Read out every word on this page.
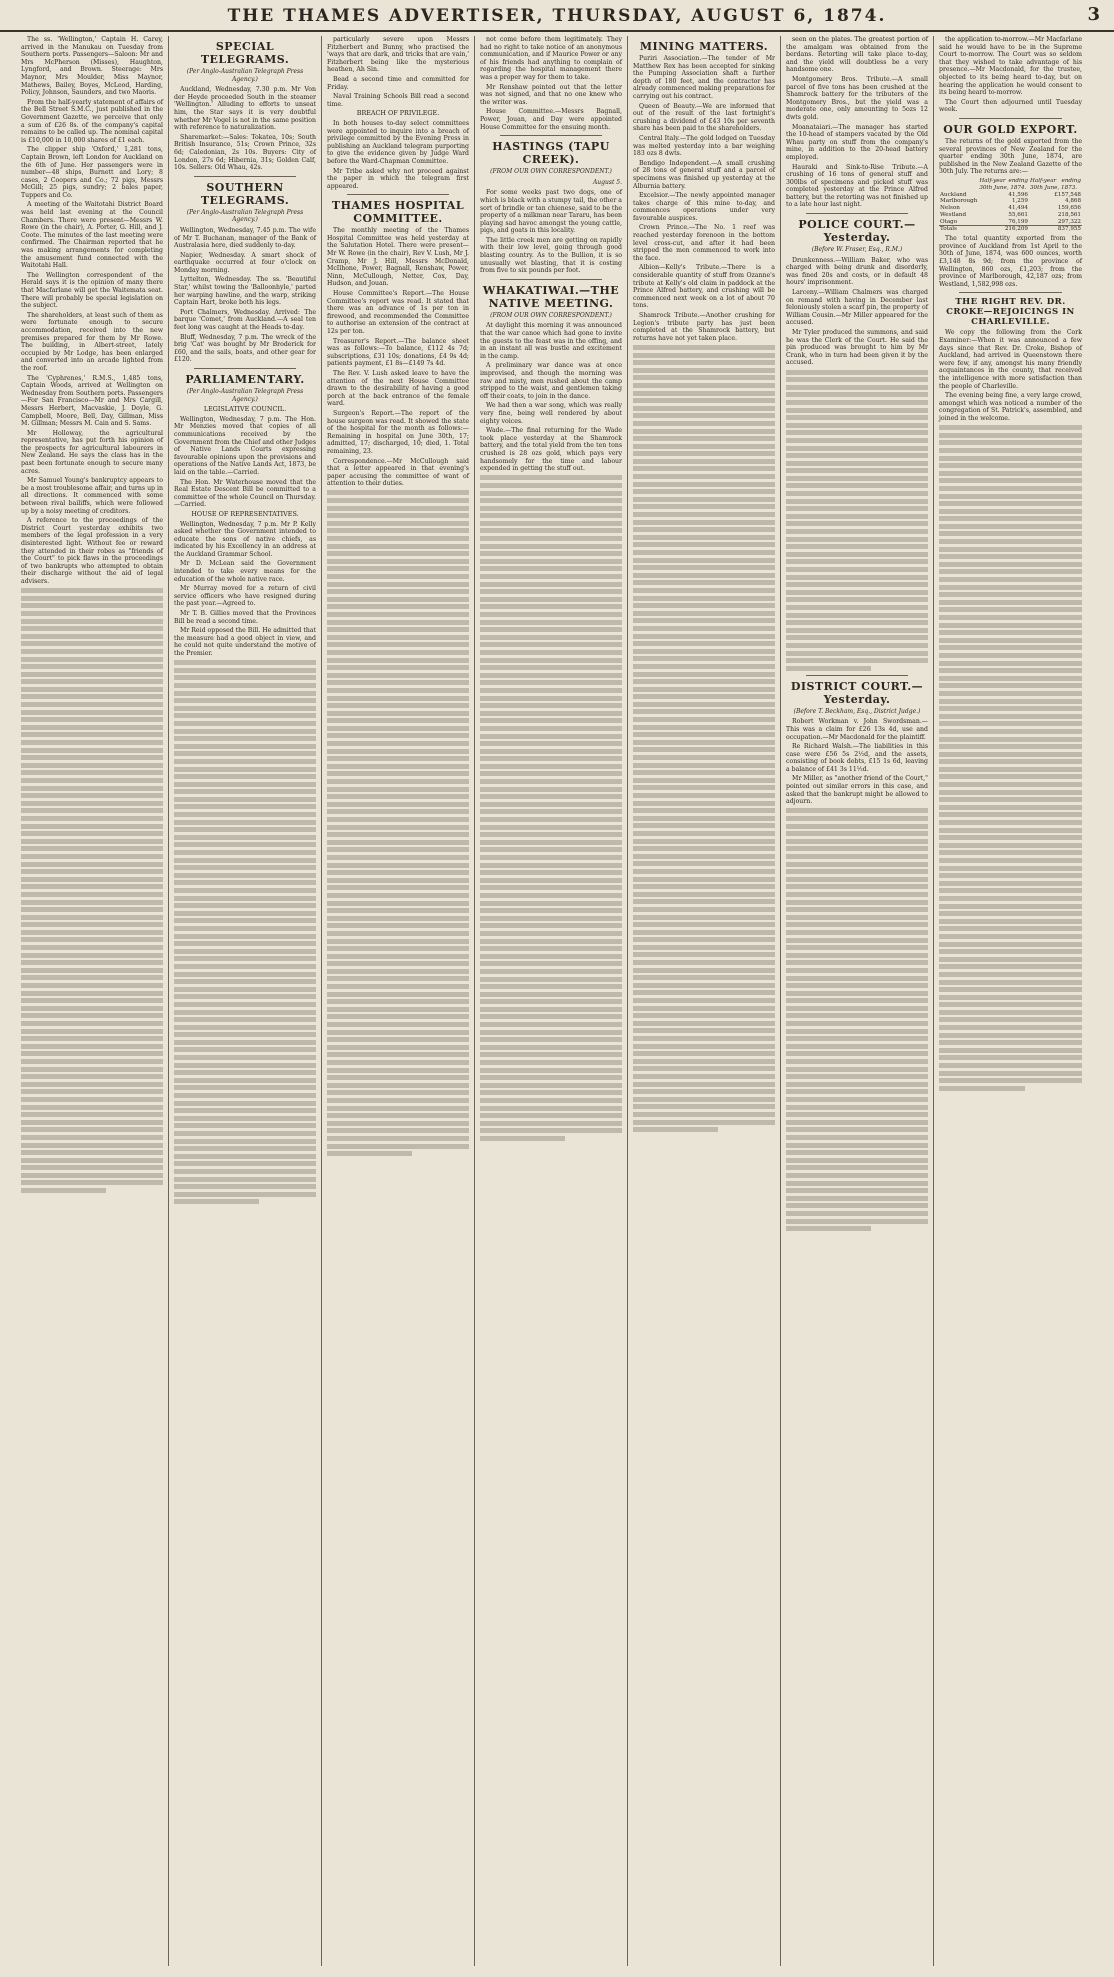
THE THAMES ADVERTISER, THURSDAY, AUGUST 6, 1874.	3

The ss. 'Wellington,' Captain H. Carey, arrived in the Manukau on Tuesday from Southern ports. Passengers—Saloon: Mr and Mrs McPherson (Misses), Haughton, Lyngford, and Brown. Steerage: Mrs Maynor, Mrs Moulder, Miss Maynor, Mathews, Bailey, Boyes, McLeod, Harding, Policy, Johnson, Saunders, and two Maoris.

From the half-yearly statement of affairs of the Bell Street S.M.C., just published in the Government Gazette, we perceive that only a sum of £26 8s. of the company's capital remains to be called up. The nominal capital is £10,000 in 10,000 shares of £1 each.

The clipper ship 'Oxford,' 1,281 tons, Captain Brown, left London for Auckland on the 6th of June. Her passengers were in number—48 ships, Burnett and Lory; 8 cases, 2 Coopers and Co.; 72 pigs, Messrs McGill; 25 pigs, sundry; 2 bales paper, Tuppers and Co.

A meeting of the Waitotahi District Board was held last evening at the Council Chambers. There were present—Messrs W. Rowe (in the chair), A. Porter, G. Hill, and J. Coote. The minutes of the last meeting were confirmed. The Chairman reported that he was making arrangements for completing the amusement fund connected with the Waitotahi Hall.

The Wellington correspondent of the Herald says it is the opinion of many there that Macfarlane will get the Waitemata seat. There will probably be special legislation on the subject.

The shareholders, at least such of them as were fortunate enough to secure accommodation, received into the new premises prepared for them by Mr Rowe. The building, in Albert-street, lately occupied by Mr Lodge, has been enlarged and converted into an arcade lighted from the roof.

The 'Cyphrenes,' R.M.S., 1,485 tons, Captain Woods, arrived at Wellington on Wednesday from Southern ports. Passengers—For San Francisco—Mr and Mrs Cargill, Messrs Herbert, Macvaskie, J. Doyle, G. Campbell, Moore, Bell, Day, Gillman, Miss M. Gillman; Messrs M. Cain and S. Sams.

Mr Holloway, the agricultural representative, has put forth his opinion of the prospects for agricultural labourers in New Zealand. He says the class has in the past been fortunate enough to secure many acres.

Mr Samuel Young's bankruptcy appears to be a most troublesome affair, and turns up in all directions. It commenced with some between rival bailiffs, which were followed up by a noisy meeting of creditors.

A reference to the proceedings of the District Court yesterday exhibits two members of the legal profession in a very disinterested light. Without fee or reward they attended in their robes as "friends of the Court" to pick flaws in the proceedings of two bankrupts who attempted to obtain their discharge without the aid of legal advisers.

SPECIAL TELEGRAMS.
(Per Anglo-Australian Telegraph Press Agency.)

Auckland, Wednesday, 7.30 p.m. Mr Von der Heyde proceeded South in the steamer 'Wellington.' Alluding to efforts to unseat him, the Star says it is very doubtful whether Mr Vogel is not in the same position with reference to naturalization.

Sharemarket:—Sales: Tokatea, 10s; South British Insurance, 51s; Crown Prince, 32s 6d; Caledonian, 2s 10s. Buyers: City of London, 27s 6d; Hibernia, 31s; Golden Calf, 10s. Sellers: Old Whau, 42s.

SOUTHERN TELEGRAMS.
(Per Anglo-Australian Telegraph Press Agency.)

Wellington, Wednesday, 7.45 p.m. The wife of Mr T. Buchanan, manager of the Bank of Australasia here, died suddenly to-day.

Napier, Wednesday. A smart shock of earthquake occurred at four o'clock on Monday morning.

Lyttelton, Wednesday. The ss. 'Beautiful Star,' whilst towing the 'Balloonhyle,' parted her warping hawline, and the warp, striking Captain Hart, broke both his legs.

Port Chalmers, Wednesday. Arrived: The barque 'Comet,' from Auckland.—A seal ten feet long was caught at the Heads to-day.

Bluff, Wednesday, 7 p.m. The wreck of the brig 'Cat' was bought by Mr Broderick for £60, and the sails, boats, and other gear for £120.

PARLIAMENTARY.
(Per Anglo-Australian Telegraph Press Agency.)
LEGISLATIVE COUNCIL.

Wellington, Wednesday, 7 p.m. The Hon. Mr Menzies moved that copies of all communications received by the Government from the Chief and other Judges of Native Lands Courts expressing favourable opinions upon the provisions and operations of the Native Lands Act, 1873, be laid on the table.—Carried.

The Hon. Mr Waterhouse moved that the Real Estate Descent Bill be committed to a committee of the whole Council on Thursday.—Carried.

HOUSE OF REPRESENTATIVES.

Wellington, Wednesday, 7 p.m. Mr P. Kelly asked whether the Government intended to educate the sons of native chiefs, as indicated by his Excellency in an address at the Auckland Grammar School.

Mr D. McLean said the Government intended to take every means for the education of the whole native race.

Mr Murray moved for a return of civil service officers who have resigned during the past year.—Agreed to.

Mr T. B. Gillies moved that the Provinces Bill be read a second time.

Mr Reid opposed the Bill. He admitted that the measure had a good object in view, and he could not quite understand the motive of the Premier.

particularly severe upon Messrs Fitzherbert and Bunny, who practised the 'ways that are dark, and tricks that are vain,' Fitzherbert being like the mysterious heathen, Ah Sin.

Bead a second time and committed for Friday.

Naval Training Schools Bill read a second time.

BREACH OF PRIVILEGE.

In both houses to-day select committees were appointed to inquire into a breach of privilege committed by the Evening Press in publishing an Auckland telegram purporting to give the evidence given by Judge Ward before the Ward-Chapman Committee.

Mr Tribe asked why not proceed against the paper in which the telegram first appeared.

THAMES HOSPITAL COMMITTEE.

The monthly meeting of the Thames Hospital Committee was held yesterday at the Salutation Hotel. There were present—Mr W. Rowe (in the chair), Rev V. Lush, Mr J. Cramp, Mr J. Hill, Messrs McDonald, McIlhone, Power, Bagnall, Renshaw, Power, Ninn, McCullough, Netter, Cox, Day, Hudson, and Jouan.

House Committee's Report.—The House Committee's report was read. It stated that there was an advance of 1s per ton in firewood, and recommended the Committee to authorise an extension of the contract at 12s per ton.

Treasurer's Report.—The balance sheet was as follows:—To balance, £112 4s 7d; subscriptions, £31 10s; donations, £4 9s 4d; patients payment, £1 8s—£149 7s 4d.

The Rev. V. Lush asked leave to have the attention of the next House Committee drawn to the desirability of having a good porch at the back entrance of the female ward.

Surgeon's Report.—The report of the house surgeon was read. It showed the state of the hospital for the month as follows:—Remaining in hospital on June 30th, 17; admitted, 17; discharged, 10; died, 1. Total remaining, 23.

Correspondence.—Mr McCullough said that a letter appeared in that evening's paper accusing the committee of want of attention to their duties.

not come before them legitimately. They had no right to take notice of an anonymous communication, and if Maurice Power or any of his friends had anything to complain of regarding the hospital management there was a proper way for them to take.

Mr Renshaw pointed out that the letter was not signed, and that no one knew who the writer was.

House Committee.—Messrs Bagnall, Power, Jouan, and Day were appointed House Committee for the ensuing month.

HASTINGS (TAPU CREEK).
(FROM OUR OWN CORRESPONDENT.)
August 5.

For some weeks past two dogs, one of which is black with a stumpy tail, the other a sort of brindle or tan chienese, said to be the property of a milkman near Tararu, has been playing sad havoc amongst the young cattle, pigs, and goats in this locality.

The little creek men are getting on rapidly with their low level, going through good blasting country. As to the Bullion, it is so unusually wet blasting, that it is costing from five to six pounds per foot.

WHAKATIWAI.—THE NATIVE MEETING.
(FROM OUR OWN CORRESPONDENT.)

At daylight this morning it was announced that the war canoe which had gone to invite the guests to the feast was in the offing, and in an instant all was bustle and excitement in the camp.

A preliminary war dance was at once improvised, and though the morning was raw and misty, men rushed about the camp stripped to the waist, and gentlemen taking off their coats, to join in the dance.

We had then a war song, which was really very fine, being well rendered by about eighty voices.

Wade.—The final returning for the Wade took place yesterday at the Shamrock battery, and the total yield from the ten tons crushed is 28 ozs gold, which pays very handsomely for the time and labour expended in getting the stuff out.

MINING MATTERS.

Puriri Association.—The tender of Mr Matthew Rex has been accepted for sinking the Pumping Association shaft a further depth of 180 feet, and the contractor has already commenced making preparations for carrying out his contract.

Queen of Beauty.—We are informed that out of the result of the last fortnight's crushing a dividend of £43 10s per seventh share has been paid to the shareholders.

Central Italy.—The gold lodged on Tuesday was melted yesterday into a bar weighing 183 ozs 8 dwts.

Bendigo Independent.—A small crushing of 28 tons of general stuff and a parcel of specimens was finished up yesterday at the Alburnia battery.

Excelsior.—The newly appointed manager takes charge of this mine to-day, and commences operations under very favourable auspices.

Crown Prince.—The No. 1 reef was reached yesterday forenoon in the bottom level cross-cut, and after it had been stripped the men commenced to work into the face.

Albion—Kelly's Tribute.—There is a considerable quantity of stuff from Ozanne's tribute at Kelly's old claim in paddock at the Prince Alfred battery, and crushing will be commenced next week on a lot of about 70 tons.

Shamrock Tribute.—Another crushing for Legion's tribute party has just been completed at the Shamrock battery, but returns have not yet taken place.

seen on the plates. The greatest portion of the amalgam was obtained from the berdans. Retorting will take place to-day, and the yield will doubtless be a very handsome one.

Montgomery Bros. Tribute.—A small parcel of five tons has been crushed at the Shamrock battery for the tributers of the Montgomery Bros., but the yield was a moderate one, only amounting to 5ozs 12 dwts gold.

Moanataiari.—The manager has started the 10-head of stampers vacated by the Old Whau party on stuff from the company's mine, in addition to the 20-head battery employed.

Hauraki and Sink-to-Rise Tribute.—A crushing of 16 tons of general stuff and 300lbs of specimens and picked stuff was completed yesterday at the Prince Alfred battery, but the retorting was not finished up to a late hour last night.

POLICE COURT.—Yesterday.
(Before W. Fraser, Esq., R.M.)

Drunkenness.—William Baker, who was charged with being drunk and disorderly, was fined 20s and costs, or in default 48 hours' imprisonment.

Larceny.—William Chalmers was charged on remand with having in December last feloniously stolen a scarf pin, the property of William Cousin.—Mr Miller appeared for the accused.

Mr Tyler produced the summons, and said he was the Clerk of the Court. He said the pin produced was brought to him by Mr Crank, who in turn had been given it by the accused.

DISTRICT COURT.—Yesterday.
(Before T. Beckham, Esq., District Judge.)

Robert Workman v. John Swordsman.—This was a claim for £26 13s 4d, use and occupation.—Mr Macdonald for the plaintiff.

Re Richard Walsh.—The liabilities in this case were £56 5s 2½d, and the assets, consisting of book debts, £15 1s 6d, leaving a balance of £41 3s 11½d.

Mr Miller, as "another friend of the Court," pointed out similar errors in this case, and asked that the bankrupt might be allowed to adjourn.

the application to-morrow.—Mr Macfarlane said he would have to be in the Supreme Court to-morrow. The Court was so seldom that they wished to take advantage of his presence.—Mr Macdonald, for the trustee, objected to its being heard to-day, but on hearing the application he would consent to its being heard to-morrow.

The Court then adjourned until Tuesday week.

OUR GOLD EXPORT.

The returns of the gold exported from the several provinces of New Zealand for the quarter ending 30th June, 1874, are published in the New Zealand Gazette of the 30th July. The returns are:—

	Half-year ending 30th June, 1874.	Half-year ending 30th June, 1873.
Auckland	41,596	£157,548
Marlborough	1,259	4,868
Nelson	41,494	159,656
Westland	55,661	218,561
Otago	76,199	297,322
Totals	216,209	837,955

The total quantity exported from the province of Auckland from 1st April to the 30th of June, 1874, was 600 ounces, worth £3,148 8s 9d; from the province of Wellington, 860 ozs, £1,203; from the province of Marlborough, 42,187 ozs; from Westland, 1,582,998 ozs.

THE RIGHT REV. DR. CROKE—REJOICINGS IN CHARLEVILLE.

We copy the following from the Cork Examiner:—When it was announced a few days since that Rev. Dr. Croke, Bishop of Auckland, had arrived in Queenstown there were few, if any, amongst his many friendly acquaintances in the county, that received the intelligence with more satisfaction than the people of Charleville.

The evening being fine, a very large crowd, amongst which was noticed a number of the congregation of St. Patrick's, assembled, and joined in the welcome.
